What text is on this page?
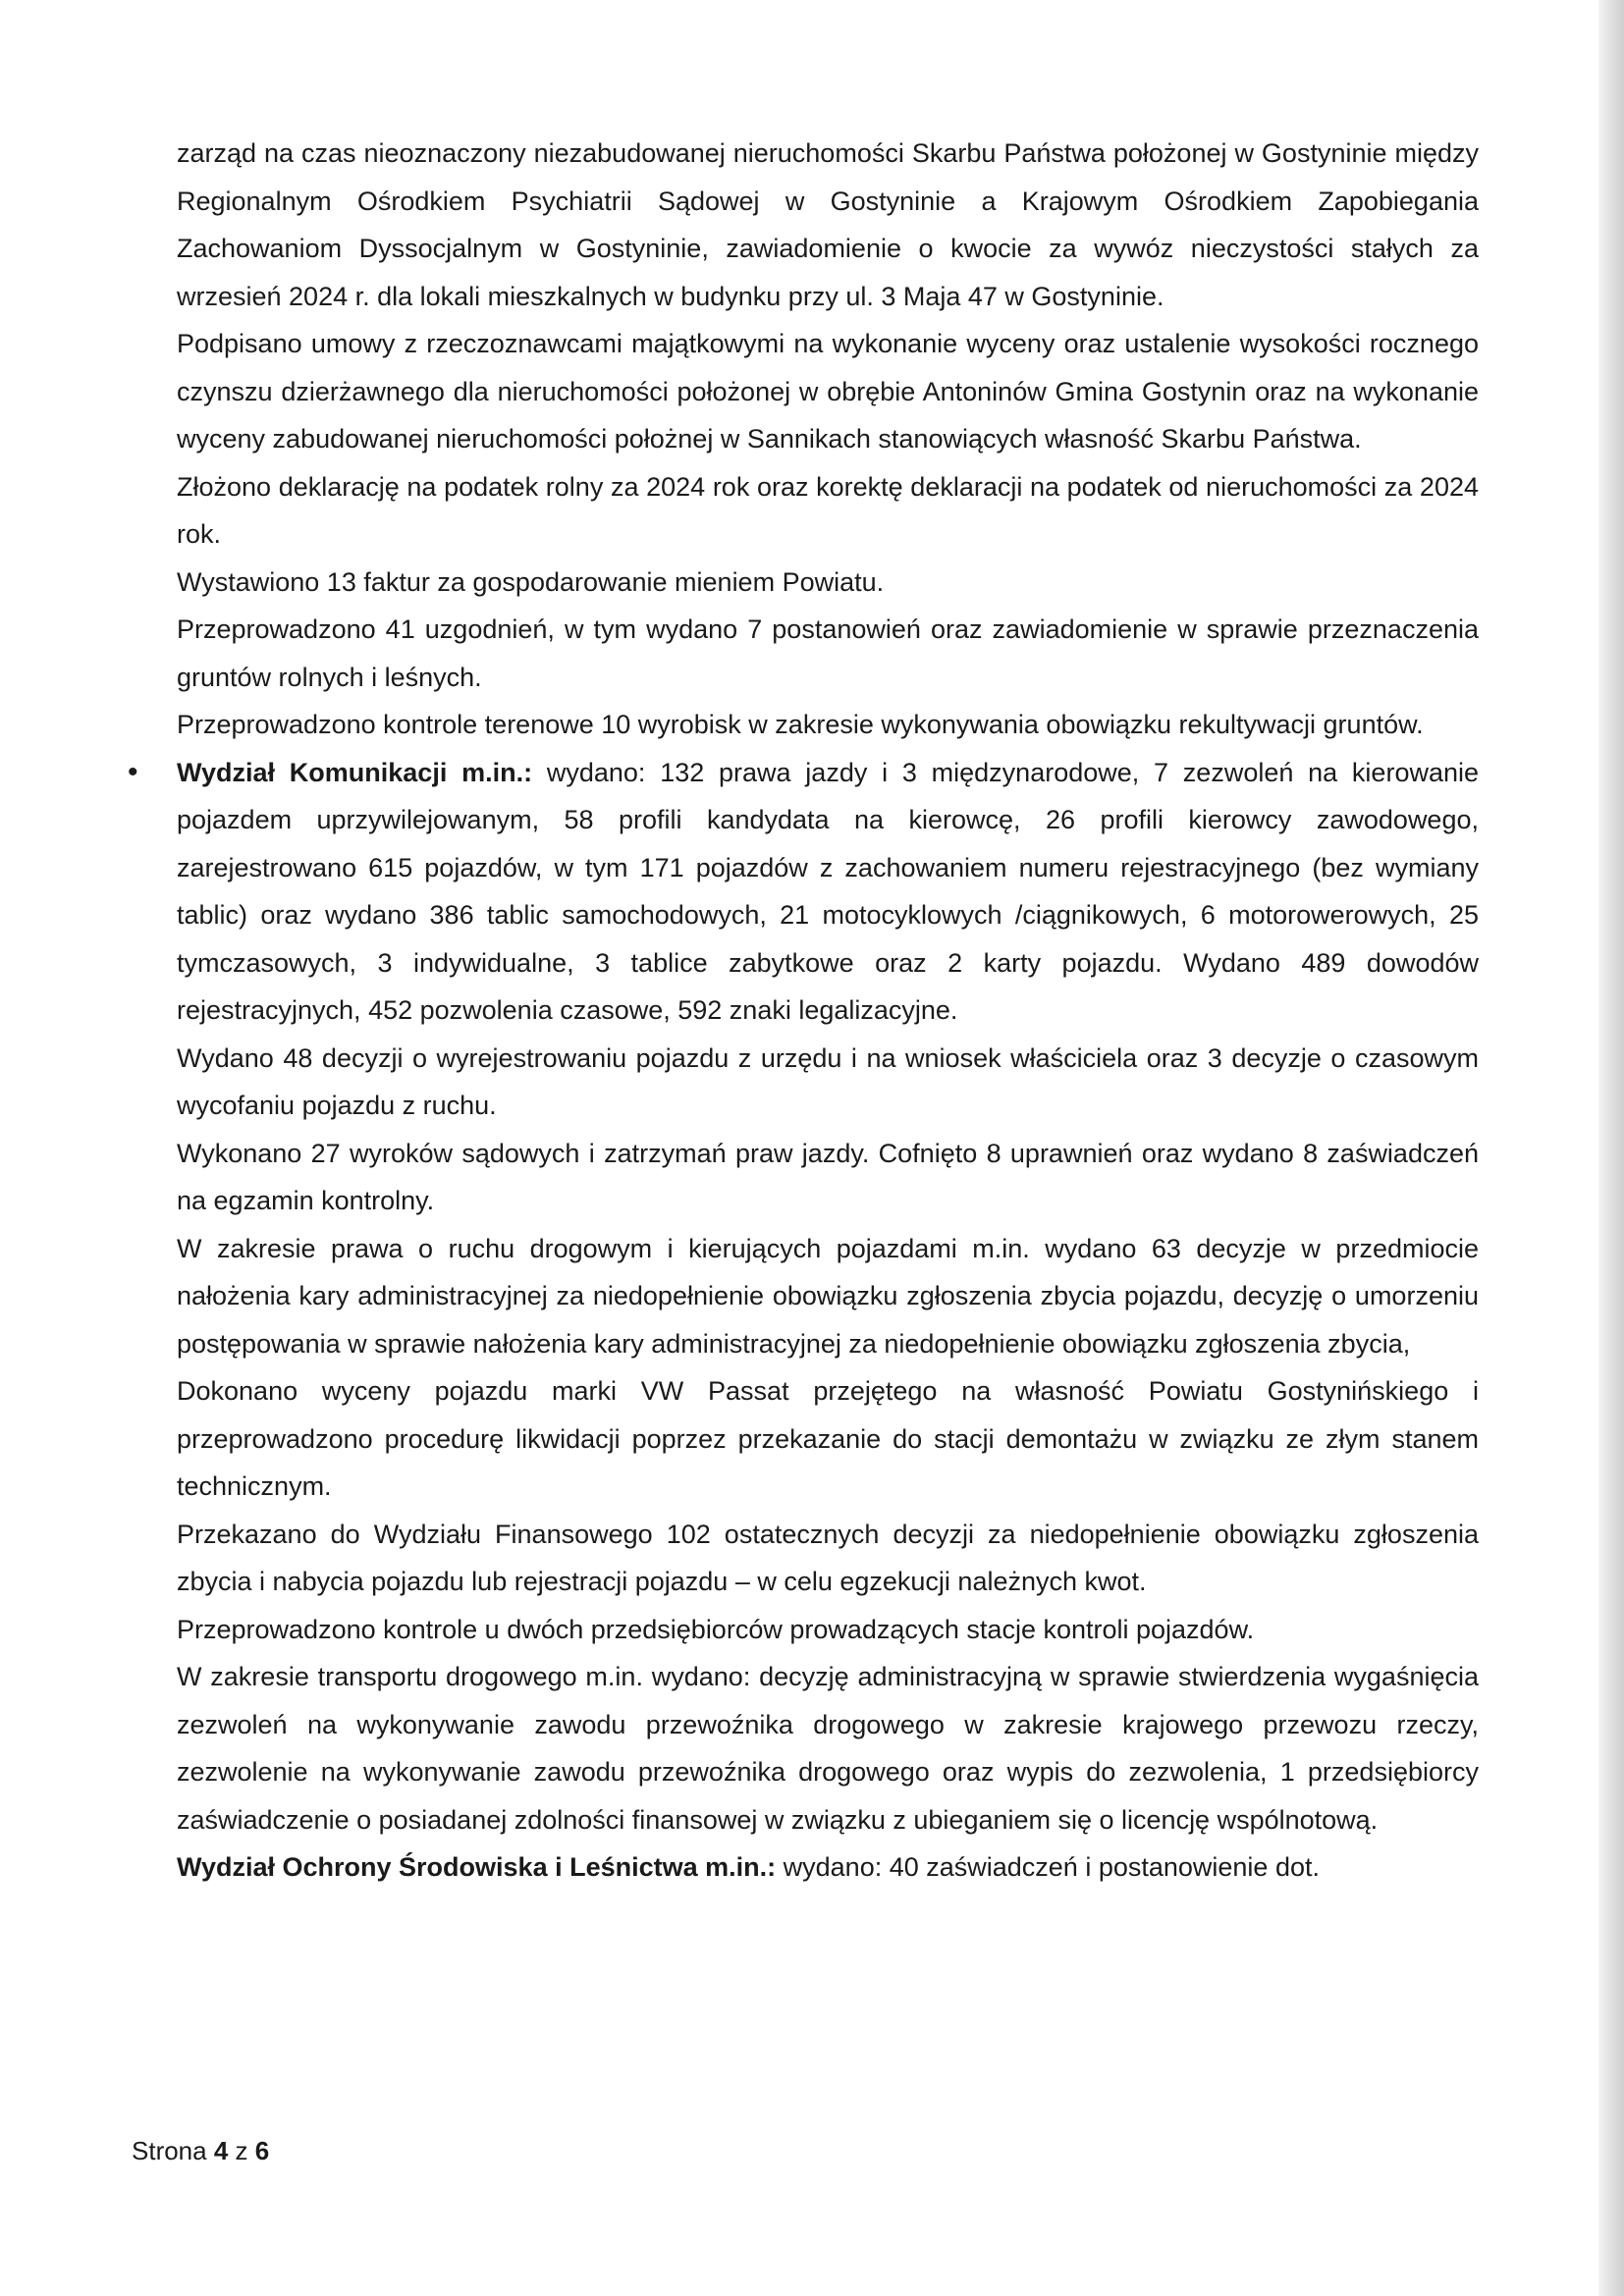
zarząd na czas nieoznaczony niezabudowanej nieruchomości Skarbu Państwa położonej w Gostyninie między Regionalnym Ośrodkiem Psychiatrii Sądowej w Gostyninie a Krajowym Ośrodkiem Zapobiegania Zachowaniom Dyssocjalnym w Gostyninie, zawiadomienie o kwocie za wywóz nieczystości stałych za wrzesień 2024 r. dla lokali mieszkalnych w budynku przy ul. 3 Maja 47 w Gostyninie.

Podpisano umowy z rzeczoznawcami majątkowymi na wykonanie wyceny oraz ustalenie wysokości rocznego czynszu dzierżawnego dla nieruchomości położonej w obrębie Antoninów Gmina Gostynin oraz na wykonanie wyceny zabudowanej nieruchomości położnej w Sannikach stanowiących własność Skarbu Państwa.

Złożono deklarację na podatek rolny za 2024 rok oraz korektę deklaracji na podatek od nieruchomości za 2024 rok.

Wystawiono 13 faktur za gospodarowanie mieniem Powiatu.

Przeprowadzono 41 uzgodnień, w tym wydano 7 postanowień oraz zawiadomienie w sprawie przeznaczenia gruntów rolnych i leśnych.

Przeprowadzono kontrole terenowe 10 wyrobisk w zakresie wykonywania obowiązku rekultywacji gruntów.

• Wydział Komunikacji m.in.: wydano: 132 prawa jazdy i 3 międzynarodowe, 7 zezwoleń na kierowanie pojazdem uprzywilejowanym, 58 profili kandydata na kierowcę, 26 profili kierowcy zawodowego, zarejestrowano 615 pojazdów, w tym 171 pojazdów z zachowaniem numeru rejestracyjnego (bez wymiany tablic) oraz wydano 386 tablic samochodowych, 21 motocyklowych /ciągnikowych, 6 motorowerowych, 25 tymczasowych, 3 indywidualne, 3 tablice zabytkowe oraz 2 karty pojazdu. Wydano 489 dowodów rejestracyjnych, 452 pozwolenia czasowe, 592 znaki legalizacyjne.

Wydano 48 decyzji o wyrejestrowaniu pojazdu z urzędu i na wniosek właściciela oraz 3 decyzje o czasowym wycofaniu pojazdu z ruchu.

Wykonano 27 wyroków sądowych i zatrzymań praw jazdy. Cofnięto 8 uprawnień oraz wydano 8 zaświadczeń na egzamin kontrolny.

W zakresie prawa o ruchu drogowym i kierujących pojazdami m.in. wydano 63 decyzje w przedmiocie nałożenia kary administracyjnej za niedopełnienie obowiązku zgłoszenia zbycia pojazdu, decyzję o umorzeniu postępowania w sprawie nałożenia kary administracyjnej za niedopełnienie obowiązku zgłoszenia zbycia,

Dokonano wyceny pojazdu marki VW Passat przejętego na własność Powiatu Gostynińskiego i przeprowadzono procedurę likwidacji poprzez przekazanie do stacji demontażu w związku ze złym stanem technicznym.

Przekazano do Wydziału Finansowego 102 ostatecznych decyzji za niedopełnienie obowiązku zgłoszenia zbycia i nabycia pojazdu lub rejestracji pojazdu – w celu egzekucji należnych kwot.

Przeprowadzono kontrole u dwóch przedsiębiorców prowadzących stacje kontroli pojazdów.

W zakresie transportu drogowego m.in. wydano: decyzję administracyjną w sprawie stwierdzenia wygaśnięcia zezwoleń na wykonywanie zawodu przewoźnika drogowego w zakresie krajowego przewozu rzeczy, zezwolenie na wykonywanie zawodu przewoźnika drogowego oraz wypis do zezwolenia, 1 przedsiębiorcy zaświadczenie o posiadanej zdolności finansowej w związku z ubieganiem się o licencję wspólnotową.

Wydział Ochrony Środowiska i Leśnictwa m.in.: wydano: 40 zaświadczeń i postanowienie dot.

Strona 4 z 6
